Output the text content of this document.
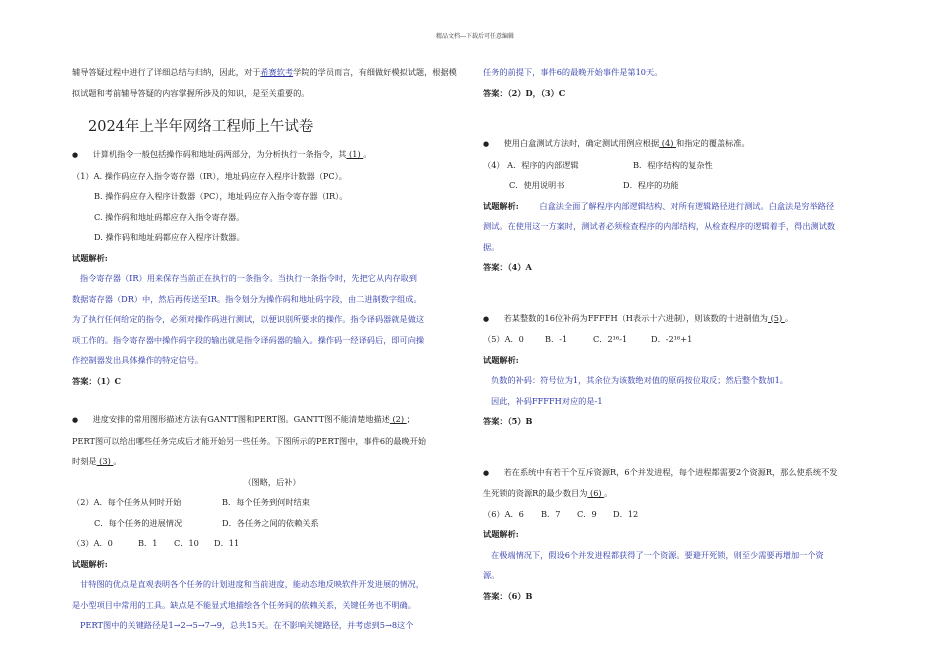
精品文档---下载后可任意编辑

辅导答疑过程中进行了详细总结与归纳，因此，对于希赛软考学院的学员而言，有细做好模拟试题，根据模

拟试题和考前辅导答疑的内容掌握所涉及的知识，是至关重要的。

2024年上半年网络工程师上午试卷

● 计算机指令一般包括操作码和地址码两部分，为分析执行一条指令，其 (1) 。

（1）A. 操作码应存入指令寄存器（IR），地址码应存入程序计数器（PC）。

B. 操作码应存入程序计数器（PC），地址码应存入指令寄存器（IR）。

C. 操作码和地址码都应存入指令寄存器。

D. 操作码和地址码都应存入程序计数器。

试题解析:

指令寄存器（IR）用来保存当前正在执行的一条指令。当执行一条指令时，先把它从内存取到

数据寄存器（DR）中，然后再传送至IR。指令划分为操作码和地址码字段，由二进制数字组成。

为了执行任何给定的指令，必须对操作码进行测试，以便识别所要求的操作。指令译码器就是做这

项工作的。指令寄存器中操作码字段的输出就是指令译码器的输入。操作码一经译码后，即可向操

作控制器发出具体操作的特定信号。

答案：（1）C

● 进度安排的常用图形描述方法有GANTT图和PERT图。GANTT图不能清楚地描述 (2) ；

PERT图可以给出哪些任务完成后才能开始另一些任务。下图所示的PERT图中，事件6的最晚开始

时刻是 (3) 。

（图略，后补）

（2）A．每个任务从何时开始	B．每个任务到何时结束

C．每个任务的进展情况	D．各任务之间的依赖关系

（3）A．0	B．1 C．10 D．11

试题解析:

甘特图的优点是直观表明各个任务的计划进度和当前进度，能动态地反映软件开发进展的情况，

是小型项目中常用的工具。缺点是不能显式地描绘各个任务间的依赖关系，关键任务也不明确。

PERT图中的关键路径是1→2→5→7→9，总共15天。在不影响关键路径，并考虑到5→8这个

任务的前提下，事件6的最晚开始事件是第10天。

答案：（2）D，（3）C

● 使用白盒测试方法时，确定测试用例应根据 (4) 和指定的覆盖标准。

（4） A．程序的内部逻辑	B．程序结构的复杂性

C．使用说明书	D．程序的功能

试题解析:	白盒法全面了解程序内部逻辑结构、对所有逻辑路径进行测试。白盒法是穷举路径

测试。在使用这一方案时，测试者必须检查程序的内部结构，从检查程序的逻辑着手，得出测试数

据。

答案：（4）A

● 若某整数的16位补码为FFFFH（H表示十六进制），则该数的十进制值为 (5) 。

（5）A．0	B．-1	C．2¹⁶-1	D．-2¹⁶+1

试题解析:

负数的补码：符号位为1，其余位为该数绝对值的原码按位取反；然后整个数加1。

因此，补码FFFFH对应的是-1

答案：（5）B

● 若在系统中有若干个互斥资源R，6个并发进程，每个进程都需要2个资源R，那么使系统不发

生死锁的资源R的最少数目为 (6) 。

（6）A．6 B．7 C．9 D．12

试题解析:

在极端情况下，假设6个并发进程都获得了一个资源。要避开死锁，则至少需要再增加一个资

源。

答案：（6）B
